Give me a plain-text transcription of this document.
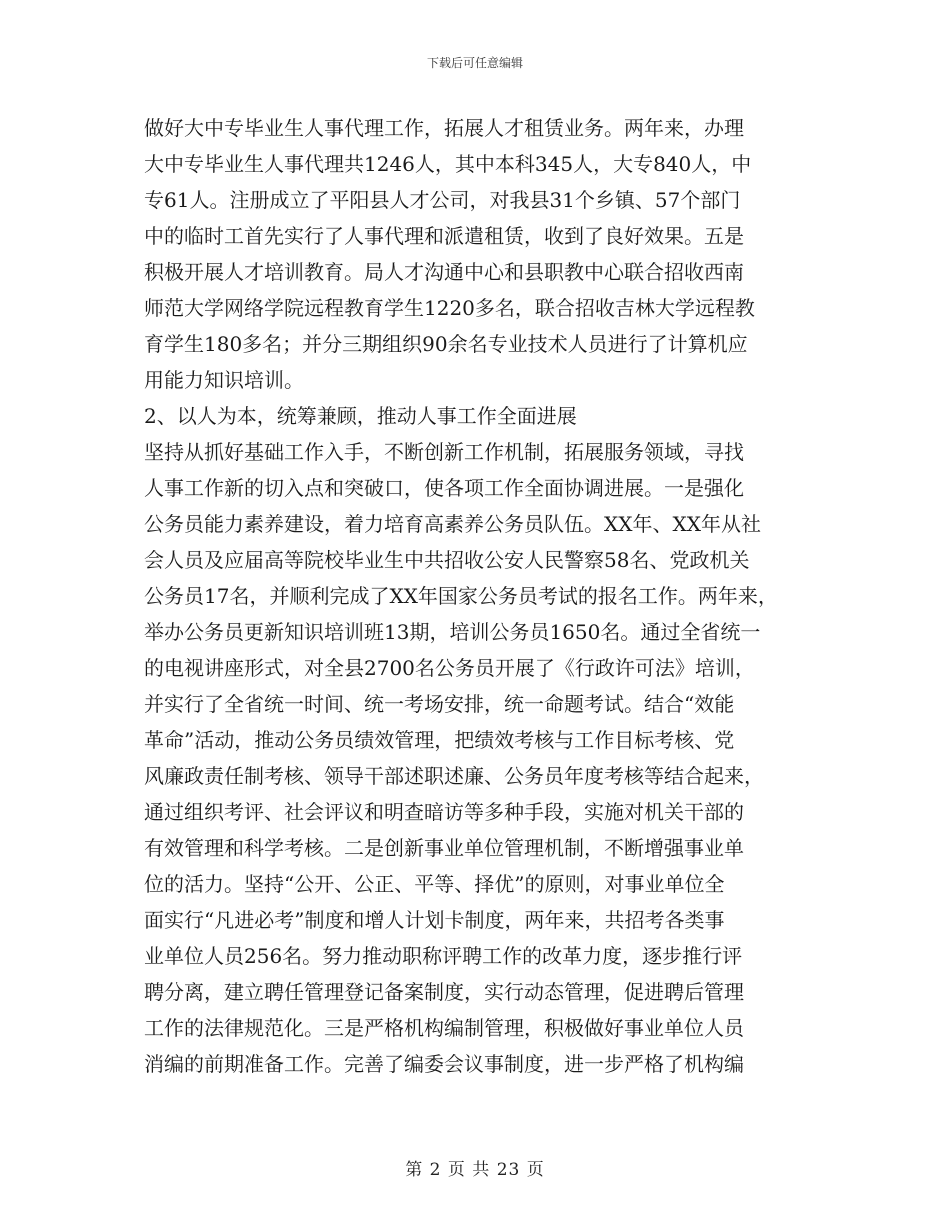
下载后可任意编辑
做好大中专毕业生人事代理工作，拓展人才租赁业务。两年来，办理
大中专毕业生人事代理共1246人，其中本科345人，大专840人，中
专61人。注册成立了平阳县人才公司，对我县31个乡镇、57个部门
中的临时工首先实行了人事代理和派遣租赁，收到了良好效果。五是
积极开展人才培训教育。局人才沟通中心和县职教中心联合招收西南
师范大学网络学院远程教育学生1220多名，联合招收吉林大学远程教
育学生180多名；并分三期组织90余名专业技术人员进行了计算机应
用能力知识培训。
2、以人为本，统筹兼顾，推动人事工作全面进展
坚持从抓好基础工作入手，不断创新工作机制，拓展服务领域，寻找
人事工作新的切入点和突破口，使各项工作全面协调进展。一是强化
公务员能力素养建设，着力培育高素养公务员队伍。XX年、XX年从社
会人员及应届高等院校毕业生中共招收公安人民警察58名、党政机关
公务员17名，并顺利完成了XX年国家公务员考试的报名工作。两年来，
举办公务员更新知识培训班13期，培训公务员1650名。通过全省统一
的电视讲座形式，对全县2700名公务员开展了《行政许可法》培训，
并实行了全省统一时间、统一考场安排，统一命题考试。结合“效能
革命”活动，推动公务员绩效管理，把绩效考核与工作目标考核、党
风廉政责任制考核、领导干部述职述廉、公务员年度考核等结合起来，
通过组织考评、社会评议和明查暗访等多种手段，实施对机关干部的
有效管理和科学考核。二是创新事业单位管理机制，不断增强事业单
位的活力。坚持“公开、公正、平等、择优”的原则，对事业单位全
面实行“凡进必考”制度和增人计划卡制度，两年来，共招考各类事
业单位人员256名。努力推动职称评聘工作的改革力度，逐步推行评
聘分离，建立聘任管理登记备案制度，实行动态管理，促进聘后管理
工作的法律规范化。三是严格机构编制管理，积极做好事业单位人员
消编的前期准备工作。完善了编委会议事制度，进一步严格了机构编
第 2 页 共 23 页
